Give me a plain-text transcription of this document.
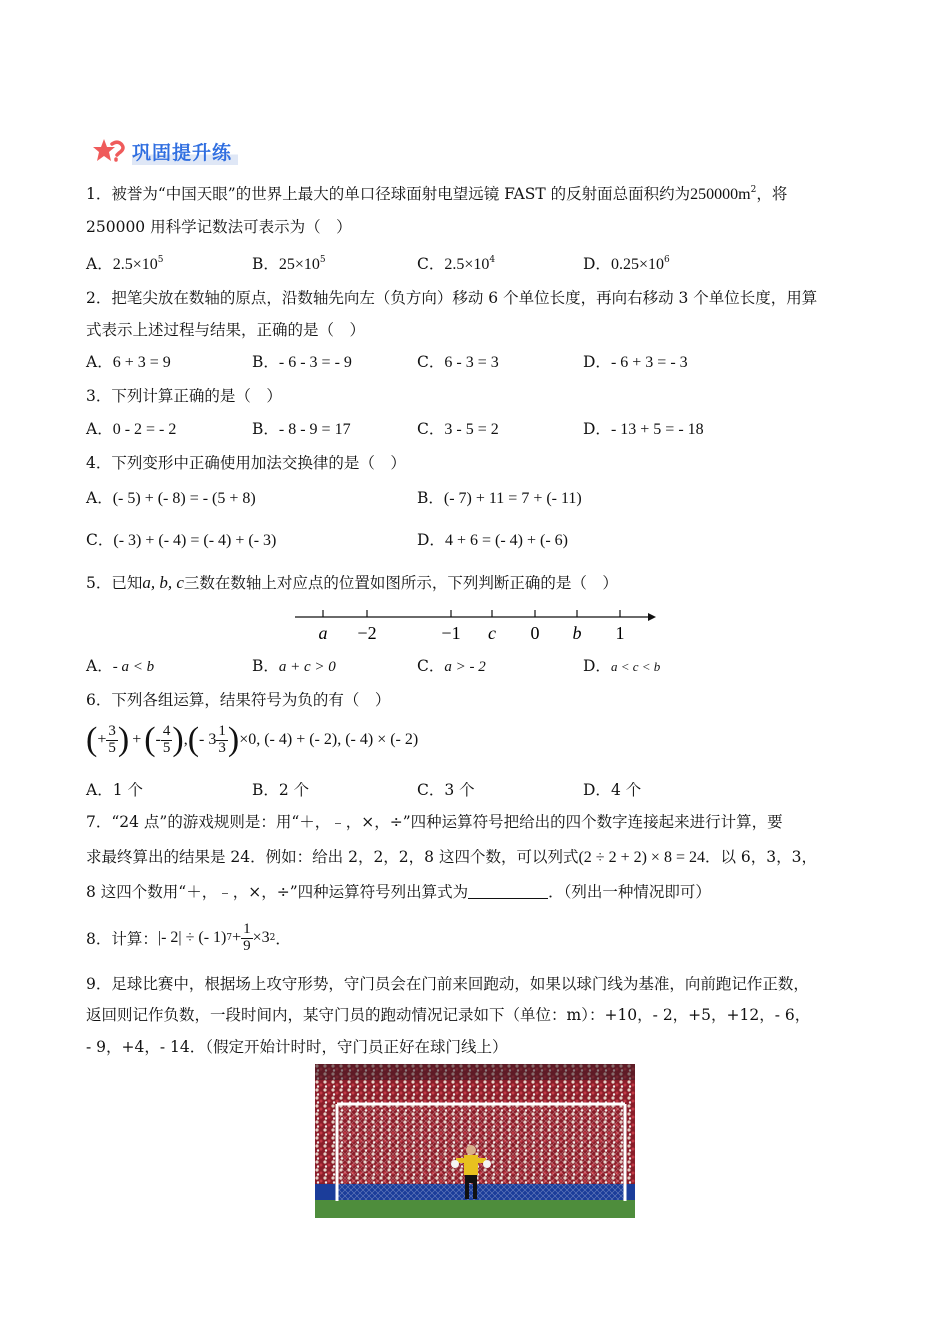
巩固提升练
1．被誉为“中国天眼”的世界上最大的单口径球面射电望远镜 FAST 的反射面总面积约为$250000m^2$，将
250000 用科学记数法可表示为（　）
A．$2.5\times 10^5$	B．$25\times 10^5$	C．$2.5\times 10^4$	D．$0.25\times 10^6$
2．把笔尖放在数轴的原点，沿数轴先向左（负方向）移动 6 个单位长度，再向右移动 3 个单位长度，用算
式表示上述过程与结果，正确的是（　）
A．6 + 3 = 9	B．- 6 - 3 = - 9	C．6 - 3 = 3	D．- 6 + 3 = - 3
3．下列计算正确的是（　）
A．0 - 2 = - 2	B．- 8 - 9 = 17	C．3 - 5 = 2	D．- 13 + 5 = - 18
4．下列变形中正确使用加法交换律的是（　）
A．(- 5) + (- 8) = - (5 + 8)	B．(- 7) + 11 = 7 + (- 11)
C．(- 3) + (- 4) = (- 4) + (- 3)	D．4 + 6 = (- 4) + (- 6)
5．已知a, b, c三数在数轴上对应点的位置如图所示，下列判断正确的是（　）
a −2	−1 c 0 b 1
A．- a < b	B．a + c > 0	C．a > - 2	D．a < c < b
6．下列各组运算，结果符号为负的有（　）
( + $\frac{3}{5}$ ) + ( - $\frac{4}{5}$ ) , ( - $3 \frac{1}{3}$ ) ×0, (- 4) + (- 2), (- 4) × (- 2)
A．1 个	B．2 个	C．3 个	D．4 个
7．“24 点”的游戏规则是：用“＋，﹣，×，÷”四种运算符号把给出的四个数字连接起来进行计算，要
求最终算出的结果是 24．例如：给出 2，2，2，8 这四个数，可以列式(2 ÷ 2 + 2) × 8 = 24．以 6，3，3，
8 这四个数用“＋，﹣，×，÷”四种运算符号列出算式为	．（列出一种情况即可）
8．计算： |- 2| ÷ (- 1) $7 + \frac{1}{9} \times 3$ 2 ．
9．足球比赛中，根据场上攻守形势，守门员会在门前来回跑动，如果以球门线为基准，向前跑记作正数，
返回则记作负数，一段时间内，某守门员的跑动情况记录如下（单位：m）：+10，- 2，+5，+12，- 6，
- 9，+4，- 14．（假定开始计时时，守门员正好在球门线上）
